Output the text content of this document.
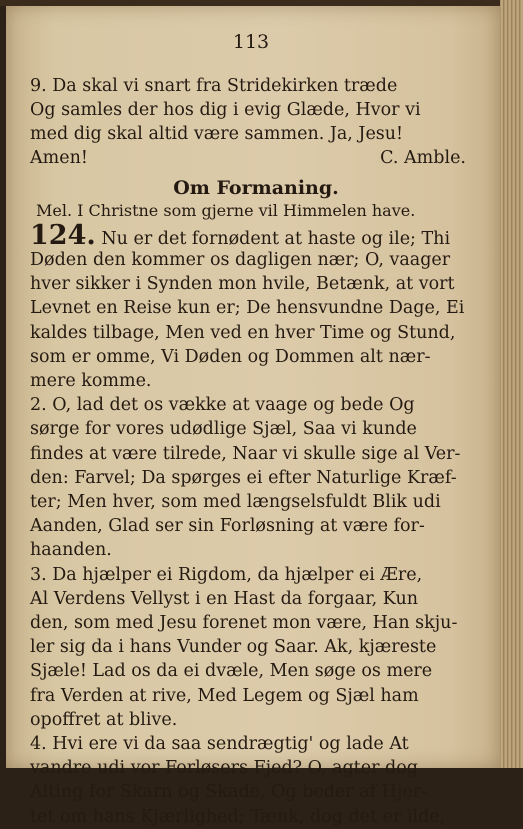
113

9. Da skal vi snart fra Stridekirken træde

Og samles der hos dig i evig Glæde, Hvor vi

med dig skal altid være sammen. Ja, Jesu!

Amen!	C. Amble.

Om Formaning.

Mel. I Christne som gjerne vil Himmelen have.

124. Nu er det fornødent at haste og ile; Thi

Døden den kommer os dagligen nær; O, vaager

hver sikker i Synden mon hvile, Betænk, at vort

Levnet en Reise kun er; De hensvundne Dage, Ei

kaldes tilbage, Men ved en hver Time og Stund,

som er omme, Vi Døden og Dommen alt nær-

mere komme.

2. O, lad det os vække at vaage og bede Og

sørge for vores udødlige Sjæl, Saa vi kunde

findes at være tilrede, Naar vi skulle sige al Ver-

den: Farvel; Da spørges ei efter Naturlige Kræf-

ter; Men hver, som med længselsfuldt Blik udi

Aanden, Glad ser sin Forløsning at være for-

haanden.

3. Da hjælper ei Rigdom, da hjælper ei Ære,

Al Verdens Vellyst i en Hast da forgaar, Kun

den, som med Jesu forenet mon være, Han skju-

ler sig da i hans Vunder og Saar. Ak, kjæreste

Sjæle! Lad os da ei dvæle, Men søge os mere

fra Verden at rive, Med Legem og Sjæl ham

opoffret at blive.

4. Hvi ere vi da saa sendrægtig' og lade At

vandre udi vor Forløsers Fjed? O, agter dog

Alting for Skarn og Skade, Og beder af Hjer-

tet om hans Kjærlighed; Tænk, dog det er ilde,
